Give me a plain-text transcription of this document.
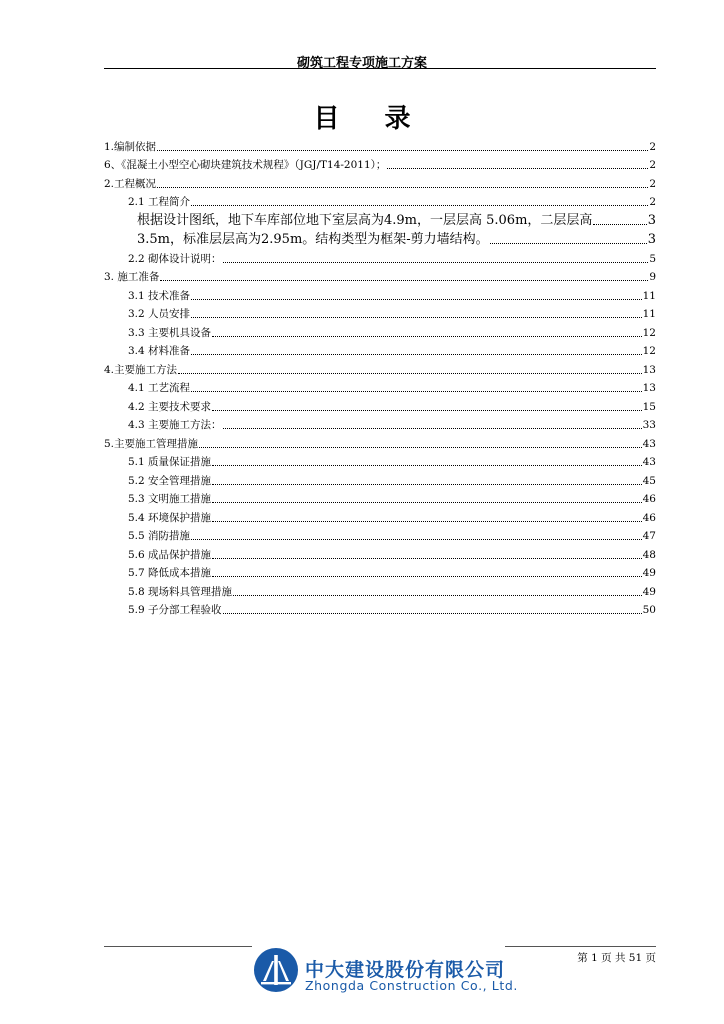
砌筑工程专项施工方案
目 录
1.编制依据	2
6、《混凝土小型空心砌块建筑技术规程》（JGJ/T14-2011）；	2
2.工程概况	2
2.1 工程简介	2
根据设计图纸，地下车库部位地下室层高为4.9m，一层层高 5.06m，二层层高	3
3.5m，标准层层高为2.95m。结构类型为框架-剪力墙结构。	3
2.2 砌体设计说明：	5
3. 施工准备	9
3.1 技术准备	11
3.2 人员安排	11
3.3 主要机具设备	12
3.4 材料准备	12
4.主要施工方法	13
4.1 工艺流程	13
4.2 主要技术要求	15
4.3 主要施工方法：	33
5.主要施工管理措施	43
5.1 质量保证措施	43
5.2 安全管理措施	45
5.3 文明施工措施	46
5.4 环境保护措施	46
5.5 消防措施	47
5.6 成品保护措施	48
5.7 降低成本措施	49
5.8 现场料具管理措施	49
5.9 子分部工程验收	50
第 1 页 共 51 页
中大建设股份有限公司
Zhongda Construction Co., Ltd.
